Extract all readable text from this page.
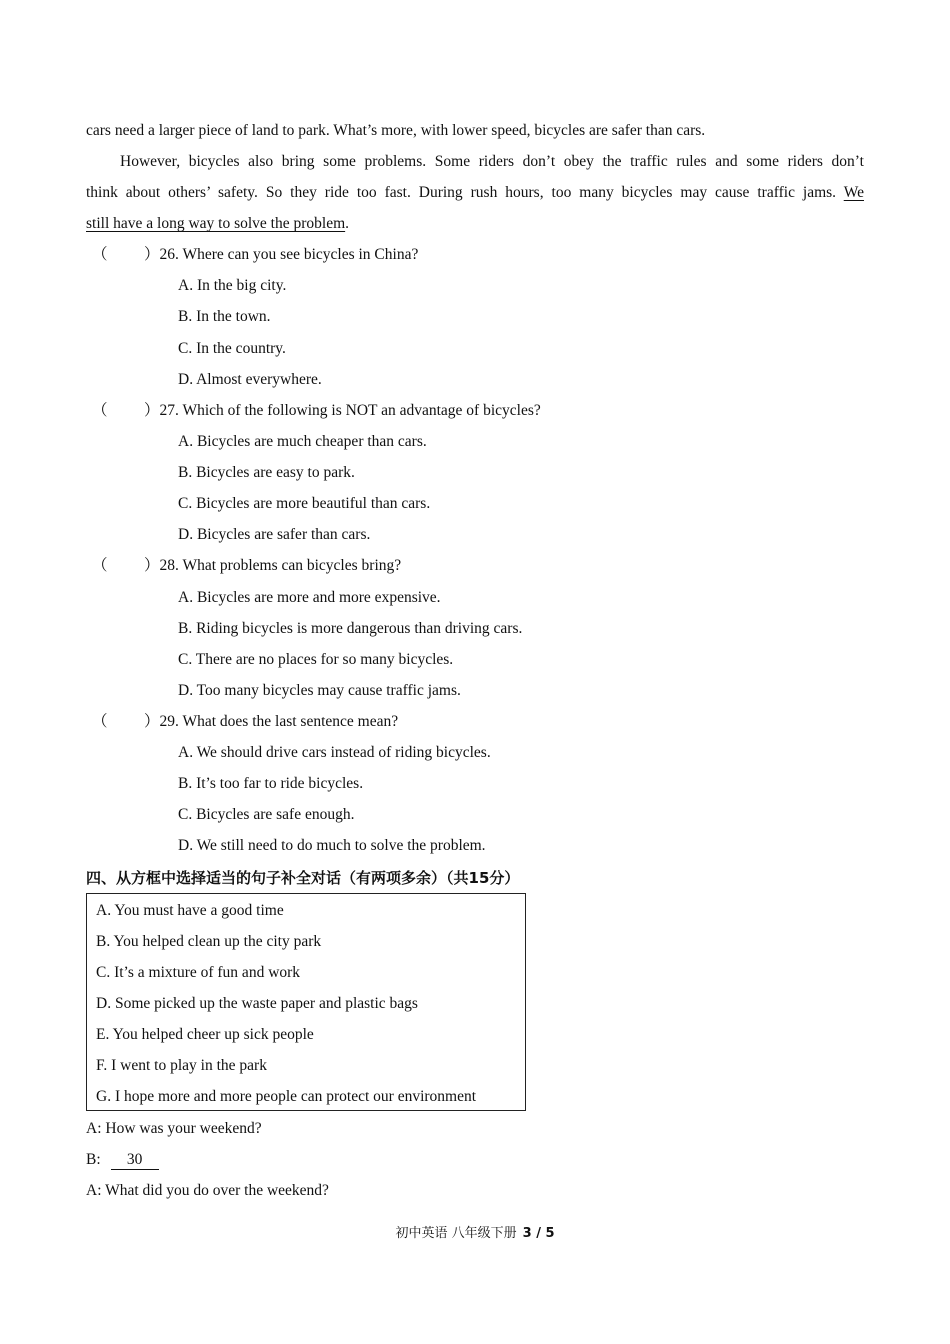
cars need a larger piece of land to park. What’s more, with lower speed, bicycles are safer than cars.
However, bicycles also bring some problems. Some riders don’t obey the traffic rules and some riders don’t
think about others’ safety. So they ride too fast. During rush hours, too many bicycles may cause traffic jams. We
still have a long way to solve the problem.
（ ）26. Where can you see bicycles in China?
A. In the big city.
B. In the town.
C. In the country.
D. Almost everywhere.
（ ）27. Which of the following is NOT an advantage of bicycles?
A. Bicycles are much cheaper than cars.
B. Bicycles are easy to park.
C. Bicycles are more beautiful than cars.
D. Bicycles are safer than cars.
（ ）28. What problems can bicycles bring?
A. Bicycles are more and more expensive.
B. Riding bicycles is more dangerous than driving cars.
C. There are no places for so many bicycles.
D. Too many bicycles may cause traffic jams.
（ ）29. What does the last sentence mean?
A. We should drive cars instead of riding bicycles.
B. It’s too far to ride bicycles.
C. Bicycles are safe enough.
D. We still need to do much to solve the problem.
四、从方框中选择适当的句子补全对话（有两项多余）（共15分）
A. You must have a good time
B. You helped clean up the city park
C. It’s a mixture of fun and work
D. Some picked up the waste paper and plastic bags
E. You helped cheer up sick people
F. I went to play in the park
G. I hope more and more people can protect our environment
A: How was your weekend?
B: 30
A: What did you do over the weekend?
初中英语 八年级下册 3 / 5
